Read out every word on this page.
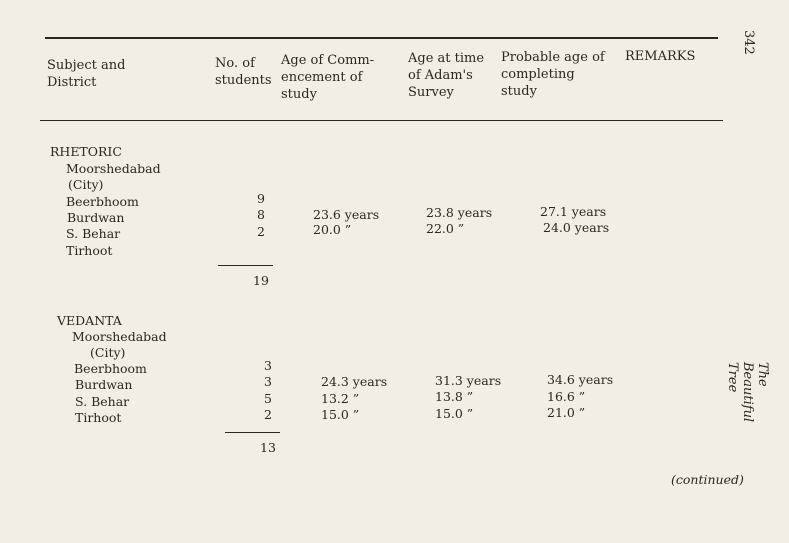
342
The Beautiful Tree
Subject and District
No. of students
Age of Comm- encement of study
Age at time of Adam's Survey
Probable age of completing study
REMARKS
RHETORIC
Moorshedabad
(City)
Beerbhoom
Burdwan
S. Behar
Tirhoot
9
8
2
19
23.6 years
20.0 ”
23.8 years
22.0 ”
27.1 years
24.0 years
VEDANTA
Moorshedabad
(City)
Beerbhoom
Burdwan
S. Behar
Tirhoot
3
3
5
2
13
24.3 years
13.2 ”
15.0 ”
31.3 years
13.8 ”
15.0 ”
34.6 years
16.6 ”
21.0 ”
(continued)
